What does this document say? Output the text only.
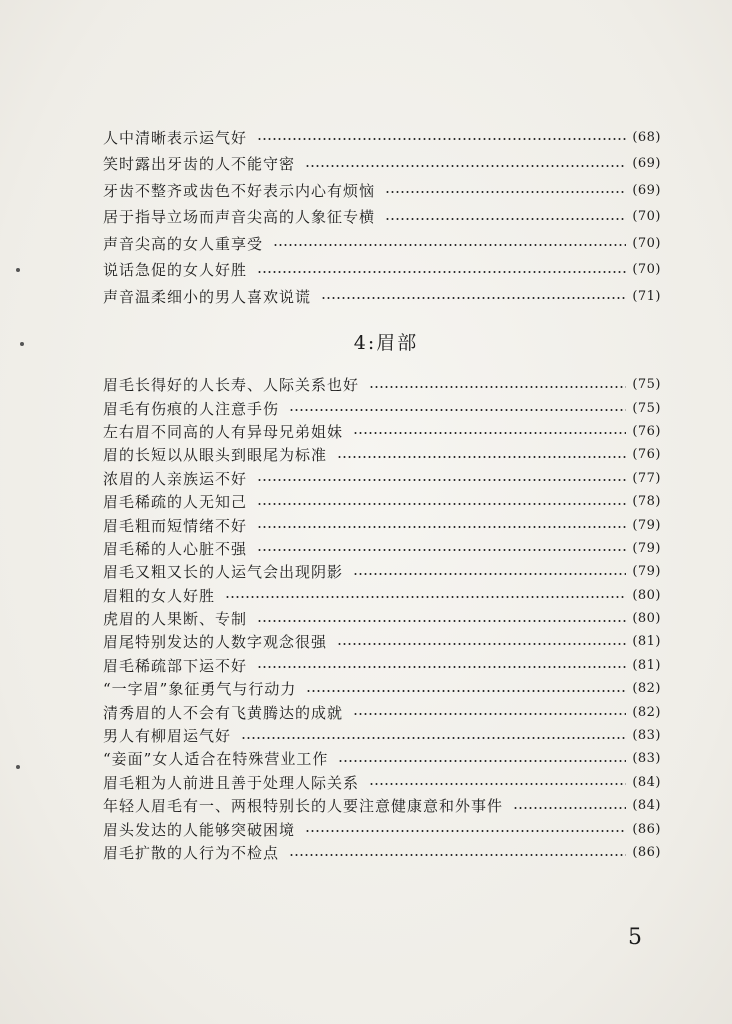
人中清晰表示运气好	(68)
笑时露出牙齿的人不能守密	(69)
牙齿不整齐或齿色不好表示内心有烦恼	(69)
居于指导立场而声音尖高的人象征专横	(70)
声音尖高的女人重享受	(70)
说话急促的女人好胜	(70)
声音温柔细小的男人喜欢说谎	(71)
4:眉部
眉毛长得好的人长寿、人际关系也好	(75)
眉毛有伤痕的人注意手伤	(75)
左右眉不同高的人有异母兄弟姐妹	(76)
眉的长短以从眼头到眼尾为标准	(76)
浓眉的人亲族运不好	(77)
眉毛稀疏的人无知己	(78)
眉毛粗而短情绪不好	(79)
眉毛稀的人心脏不强	(79)
眉毛又粗又长的人运气会出现阴影	(79)
眉粗的女人好胜	(80)
虎眉的人果断、专制	(80)
眉尾特别发达的人数字观念很强	(81)
眉毛稀疏部下运不好	(81)
“一字眉”象征勇气与行动力	(82)
清秀眉的人不会有飞黄腾达的成就	(82)
男人有柳眉运气好	(83)
“妾面”女人适合在特殊营业工作	(83)
眉毛粗为人前进且善于处理人际关系	(84)
年轻人眉毛有一、两根特别长的人要注意健康意和外事件	(84)
眉头发达的人能够突破困境	(86)
眉毛扩散的人行为不检点	(86)
5
